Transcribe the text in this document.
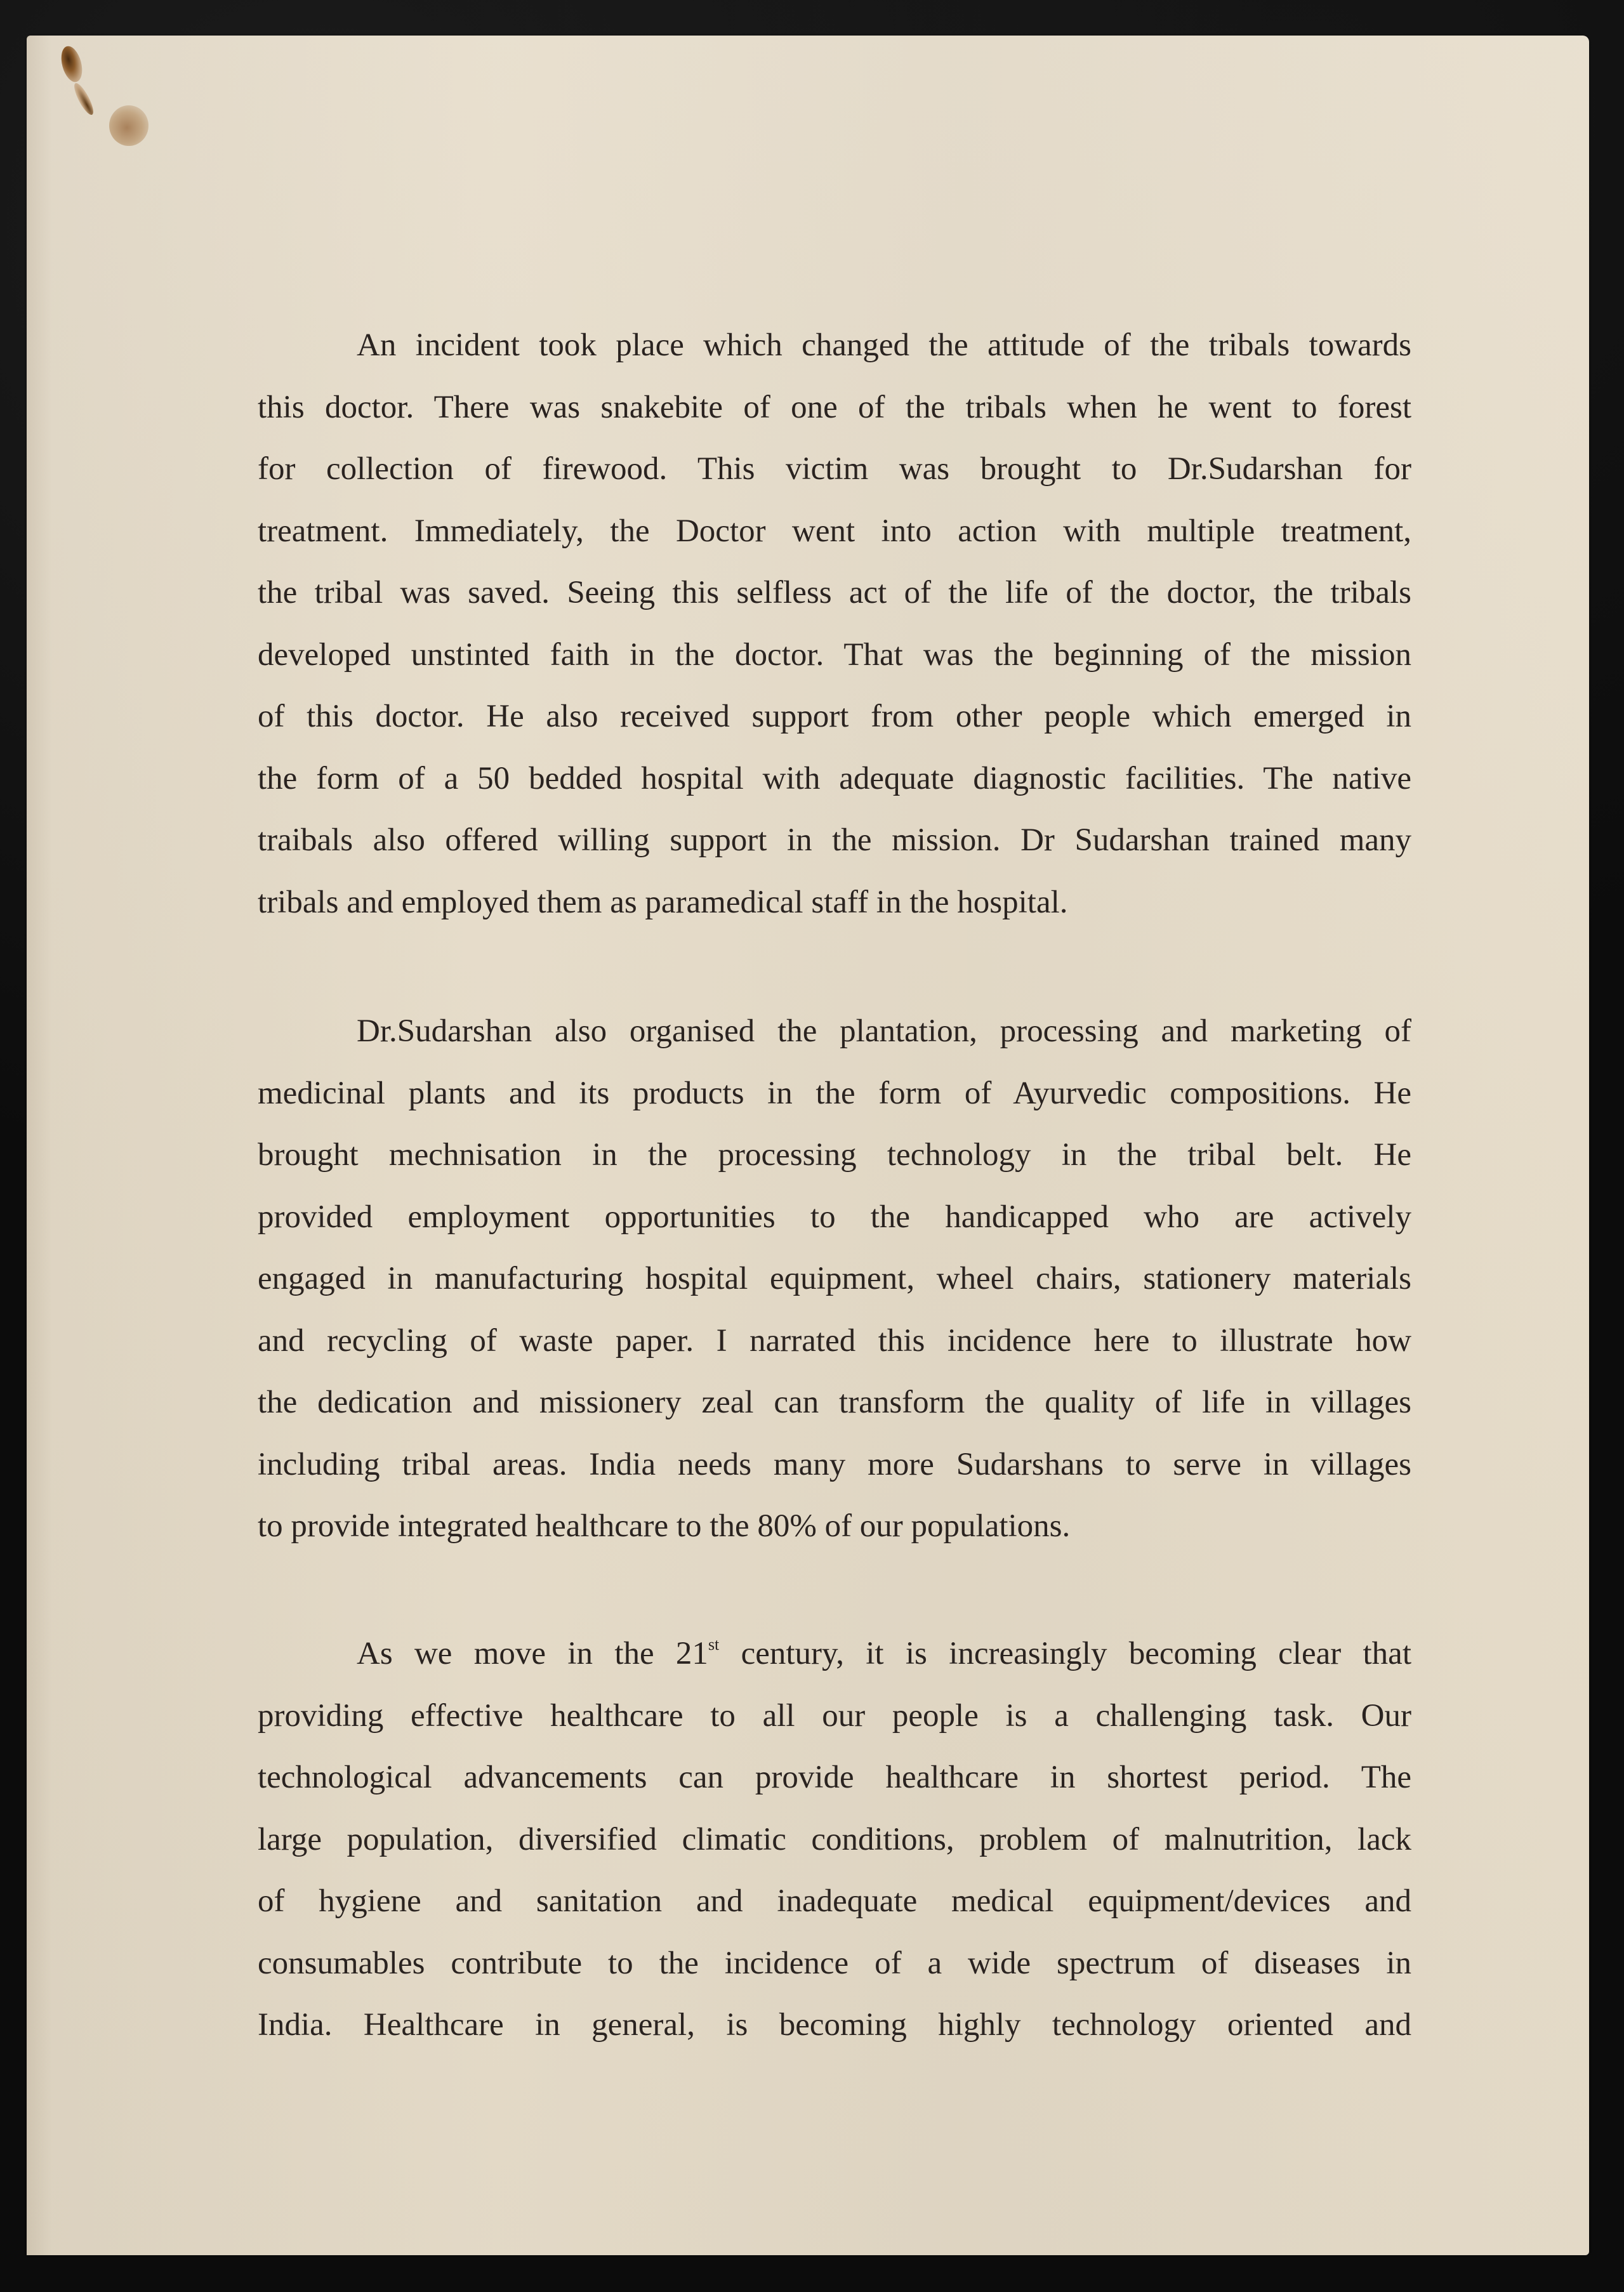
An incident took place which changed the attitude of the tribals towards
this doctor. There was snakebite of one of the tribals when he went to forest
for collection of firewood. This victim was brought to Dr.Sudarshan for
treatment. Immediately, the Doctor went into action with multiple treatment,
the tribal was saved. Seeing this selfless act of the life of the doctor, the tribals
developed unstinted faith in the doctor. That was the beginning of the mission
of this doctor. He also received support from other people which emerged in
the form of a 50 bedded hospital with adequate diagnostic facilities. The native
traibals also offered willing support in the mission. Dr Sudarshan trained many
tribals and employed them as paramedical staff in the hospital.

Dr.Sudarshan also organised the plantation, processing and marketing of
medicinal plants and its products in the form of Ayurvedic compositions. He
brought mechnisation in the processing technology in the tribal belt. He
provided employment opportunities to the handicapped who are actively
engaged in manufacturing hospital equipment, wheel chairs, stationery materials
and recycling of waste paper. I narrated this incidence here to illustrate how
the dedication and missionery zeal can transform the quality of life in villages
including tribal areas. India needs many more Sudarshans to serve in villages
to provide integrated healthcare to the 80% of our populations.

As we move in the 21st century, it is increasingly becoming clear that
providing effective healthcare to all our people is a challenging task. Our
technological advancements can provide healthcare in shortest period. The
large population, diversified climatic conditions, problem of malnutrition, lack
of hygiene and sanitation and inadequate medical equipment/devices and
consumables contribute to the incidence of a wide spectrum of diseases in
India. Healthcare in general, is becoming highly technology oriented and
